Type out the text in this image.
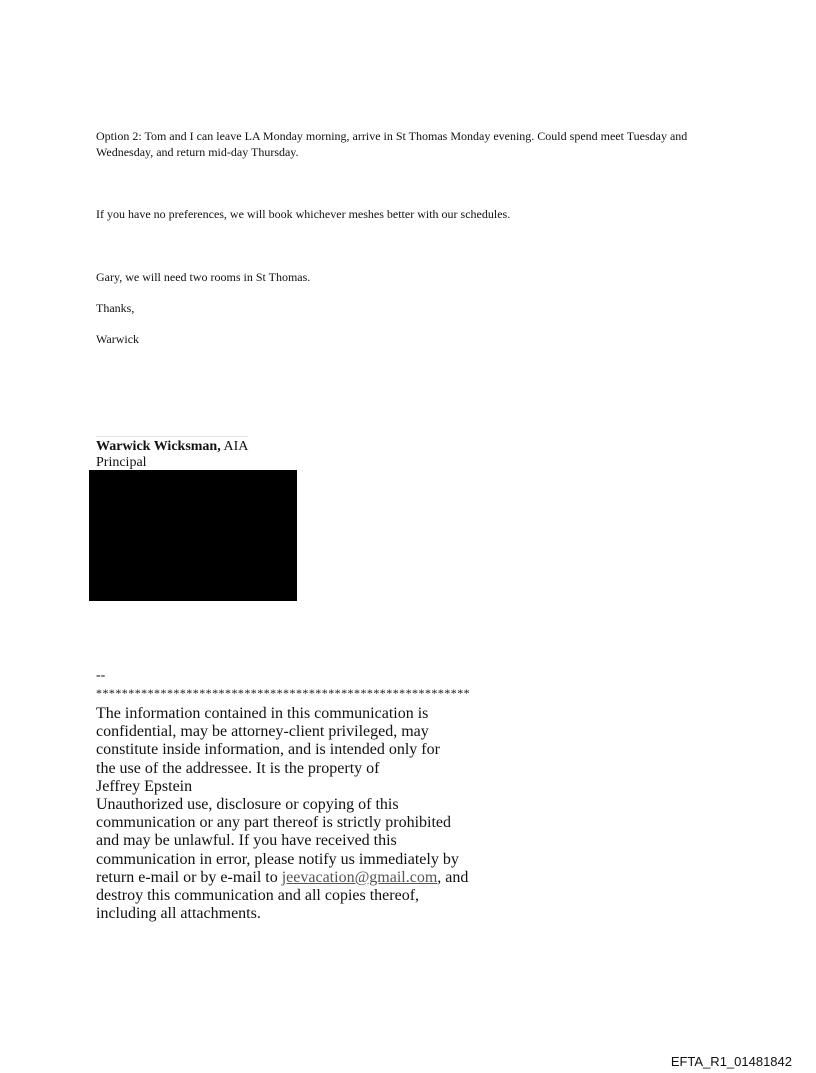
Option 2: Tom and I can leave LA Monday morning, arrive in St Thomas Monday evening. Could spend meet Tuesday and Wednesday, and return mid-day Thursday.

If you have no preferences, we will book whichever meshes better with our schedules.

Gary, we will need two rooms in St Thomas.

Thanks,

Warwick

Warwick Wicksman, AIA

Principal

--

**********************************************************

The information contained in this communication is
confidential, may be attorney-client privileged, may
constitute inside information, and is intended only for
the use of the addressee. It is the property of
Jeffrey Epstein
Unauthorized use, disclosure or copying of this
communication or any part thereof is strictly prohibited
and may be unlawful. If you have received this
communication in error, please notify us immediately by
return e-mail or by e-mail to jeevacation@gmail.com, and
destroy this communication and all copies thereof,
including all attachments.

EFTA_R1_01481842
